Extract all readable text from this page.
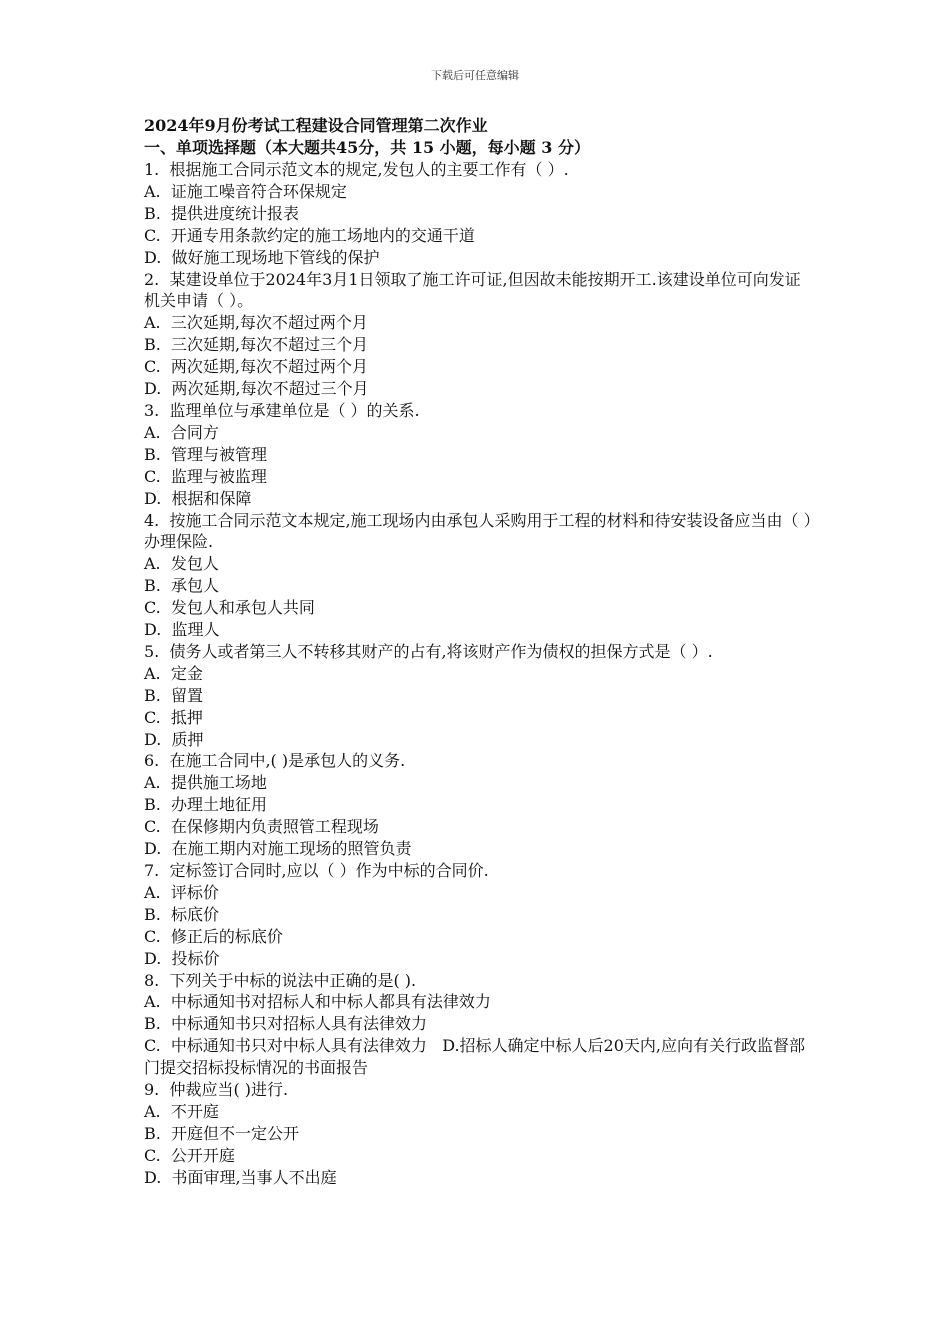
下载后可任意编辑

2024年9月份考试工程建设合同管理第二次作业

一、单项选择题（本大题共45分，共 15 小题，每小题 3 分）

1.  根据施工合同示范文本的规定,发包人的主要工作有（ ）.

A.  证施工噪音符合环保规定

B.  提供进度统计报表

C.  开通专用条款约定的施工场地内的交通干道

D.  做好施工现场地下管线的保护

2.  某建设单位于2024年3月1日领取了施工许可证,但因故未能按期开工.该建设单位可向发证机关申请（ ）。

A.  三次延期,每次不超过两个月

B.  三次延期,每次不超过三个月

C.  两次延期,每次不超过两个月

D.  两次延期,每次不超过三个月

3.  监理单位与承建单位是（ ）的关系.

A.  合同方

B.  管理与被管理

C.  监理与被监理

D.  根据和保障

4.  按施工合同示范文本规定,施工现场内由承包人采购用于工程的材料和待安装设备应当由（ ）办理保险.

A.  发包人

B.  承包人

C.  发包人和承包人共同

D.  监理人

5.  债务人或者第三人不转移其财产的占有,将该财产作为债权的担保方式是（ ）.

A.  定金

B.  留置

C.  抵押

D.  质押

6.  在施工合同中,( )是承包人的义务.

A.  提供施工场地

B.  办理土地征用

C.  在保修期内负责照管工程现场

D.  在施工期内对施工现场的照管负责

7.  定标签订合同时,应以（ ）作为中标的合同价.

A.  评标价

B.  标底价

C.  修正后的标底价

D.  投标价

8.  下列关于中标的说法中正确的是( ).

A.  中标通知书对招标人和中标人都具有法律效力

B.  中标通知书只对招标人具有法律效力

C.  中标通知书只对中标人具有法律效力   D.招标人确定中标人后20天内,应向有关行政监督部门提交招标投标情况的书面报告

9.  仲裁应当( )进行.

A.  不开庭

B.  开庭但不一定公开

C.  公开开庭

D.  书面审理,当事人不出庭
